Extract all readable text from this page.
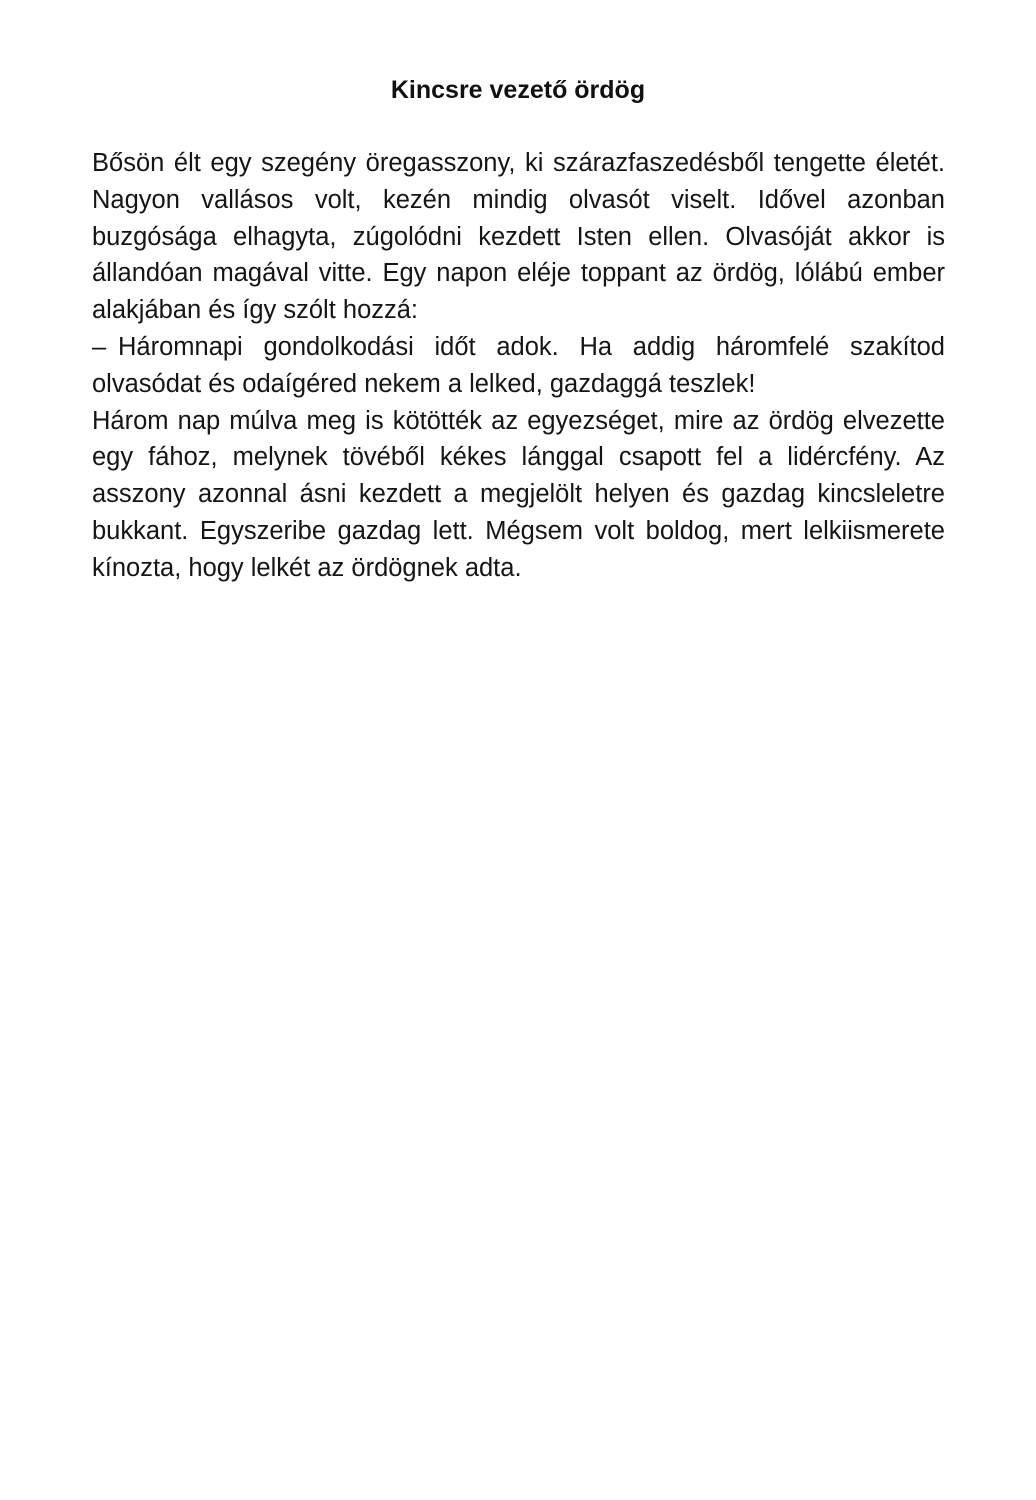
Kincsre vezető ördög

Bősön élt egy szegény öregasszony, ki szárazfaszedésből tengette életét. Nagyon vallásos volt, kezén mindig olvasót viselt. Idővel azonban buzgósága elhagyta, zúgolódni kezdett Isten ellen. Olvasóját akkor is állandóan magával vitte. Egy napon eléje toppant az ördög, lólábú ember alakjában és így szólt hozzá:

– Háromnapi gondolkodási időt adok. Ha addig háromfelé szakítod olvasódat és odaígéred nekem a lelked, gazdaggá teszlek!

Három nap múlva meg is kötötték az egyezséget, mire az ördög elvezette egy fához, melynek tövéből kékes lánggal csapott fel a lidércfény. Az asszony azonnal ásni kezdett a megjelölt helyen és gazdag kincsleletre bukkant. Egyszeribe gazdag lett. Mégsem volt boldog, mert lelkiismerete kínozta, hogy lelkét az ördögnek adta.
